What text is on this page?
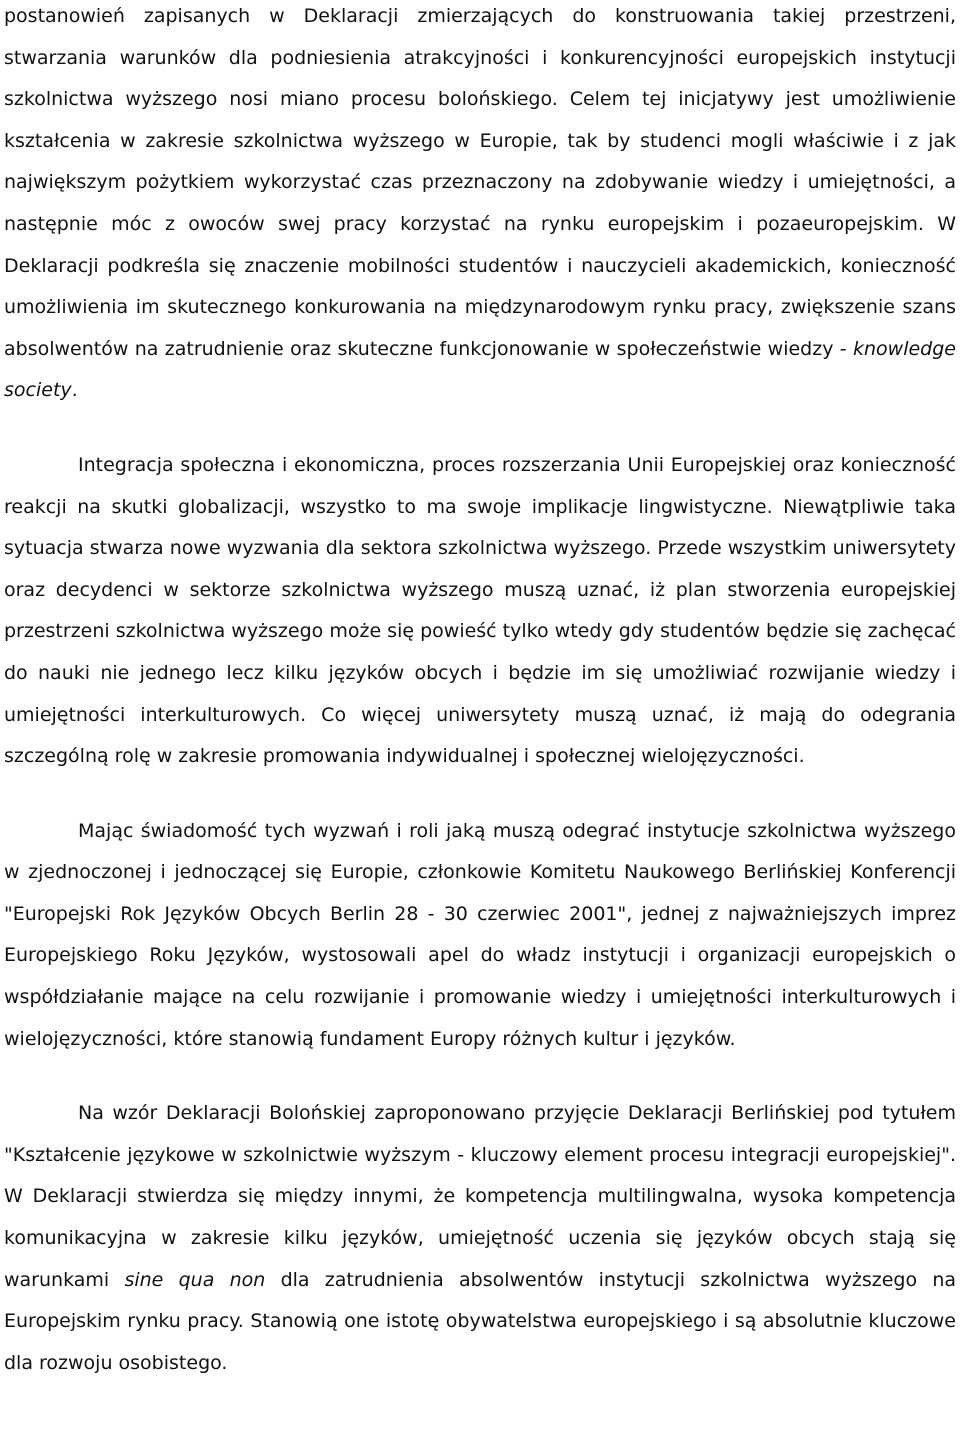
postanowień zapisanych w Deklaracji zmierzających do konstruowania takiej przestrzeni, stwarzania warunków dla podniesienia atrakcyjności i konkurencyjności europejskich instytucji szkolnictwa wyższego nosi miano procesu bolońskiego. Celem tej inicjatywy jest umożliwienie kształcenia w zakresie szkolnictwa wyższego w Europie, tak by studenci mogli właściwie i z jak największym pożytkiem wykorzystać czas przeznaczony na zdobywanie wiedzy i umiejętności, a następnie móc z owoców swej pracy korzystać na rynku europejskim i pozaeuropejskim. W Deklaracji podkreśla się znaczenie mobilności studentów i nauczycieli akademickich, konieczność umożliwienia im skutecznego konkurowania na międzynarodowym rynku pracy, zwiększenie szans absolwentów na zatrudnienie oraz skuteczne funkcjonowanie w społeczeństwie wiedzy - knowledge society.

Integracja społeczna i ekonomiczna, proces rozszerzania Unii Europejskiej oraz konieczność reakcji na skutki globalizacji, wszystko to ma swoje implikacje lingwistyczne. Niewątpliwie taka sytuacja stwarza nowe wyzwania dla sektora szkolnictwa wyższego. Przede wszystkim uniwersytety oraz decydenci w sektorze szkolnictwa wyższego muszą uznać, iż plan stworzenia europejskiej przestrzeni szkolnictwa wyższego może się powieść tylko wtedy gdy studentów będzie się zachęcać do nauki nie jednego lecz kilku języków obcych i będzie im się umożliwiać rozwijanie wiedzy i umiejętności interkulturowych. Co więcej uniwersytety muszą uznać, iż mają do odegrania szczególną rolę w zakresie promowania indywidualnej i społecznej wielojęzyczności.

Mając świadomość tych wyzwań i roli jaką muszą odegrać instytucje szkolnictwa wyższego w zjednoczonej i jednoczącej się Europie, członkowie Komitetu Naukowego Berlińskiej Konferencji "Europejski Rok Języków Obcych Berlin 28 - 30 czerwiec 2001", jednej z najważniejszych imprez Europejskiego Roku Języków, wystosowali apel do władz instytucji i organizacji europejskich o współdziałanie mające na celu rozwijanie i promowanie wiedzy i umiejętności interkulturowych i wielojęzyczności, które stanowią fundament Europy różnych kultur i języków.

Na wzór Deklaracji Bolońskiej zaproponowano przyjęcie Deklaracji Berlińskiej pod tytułem "Kształcenie językowe w szkolnictwie wyższym - kluczowy element procesu integracji europejskiej". W Deklaracji stwierdza się między innymi, że kompetencja multilingwalna, wysoka kompetencja komunikacyjna w zakresie kilku języków, umiejętność uczenia się języków obcych stają się warunkami sine qua non dla zatrudnienia absolwentów instytucji szkolnictwa wyższego na Europejskim rynku pracy. Stanowią one istotę obywatelstwa europejskiego i są absolutnie kluczowe dla rozwoju osobistego.
